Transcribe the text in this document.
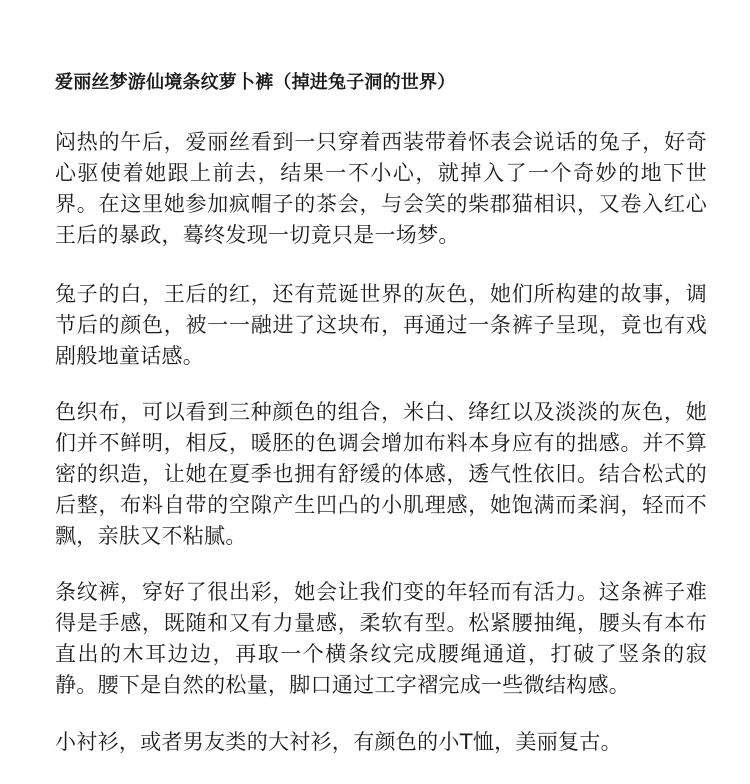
爱丽丝梦游仙境条纹萝卜裤（掉进兔子洞的世界）
闷热的午后，爱丽丝看到一只穿着西装带着怀表会说话的兔子，好奇心驱使着她跟上前去，结果一不小心，就掉入了一个奇妙的地下世界。在这里她参加疯帽子的茶会，与会笑的柴郡猫相识，又卷入红心王后的暴政，蓦终发现一切竟只是一场梦。
兔子的白，王后的红，还有荒诞世界的灰色，她们所构建的故事，调节后的颜色，被一一融进了这块布，再通过一条裤子呈现，竟也有戏剧般地童话感。
色织布，可以看到三种颜色的组合，米白、绛红以及淡淡的灰色，她们并不鲜明，相反，暖胚的色调会增加布料本身应有的拙感。并不算密的织造，让她在夏季也拥有舒缓的体感，透气性依旧。结合松式的后整，布料自带的空隙产生凹凸的小肌理感，她饱满而柔润，轻而不飘，亲肤又不粘腻。
条纹裤，穿好了很出彩，她会让我们变的年轻而有活力。这条裤子难得是手感，既随和又有力量感，柔软有型。松紧腰抽绳，腰头有本布直出的木耳边边，再取一个横条纹完成腰绳通道，打破了竖条的寂静。腰下是自然的松量，脚口通过工字褶完成一些微结构感。
小衬衫，或者男友类的大衬衫，有颜色的小T恤，美丽复古。
